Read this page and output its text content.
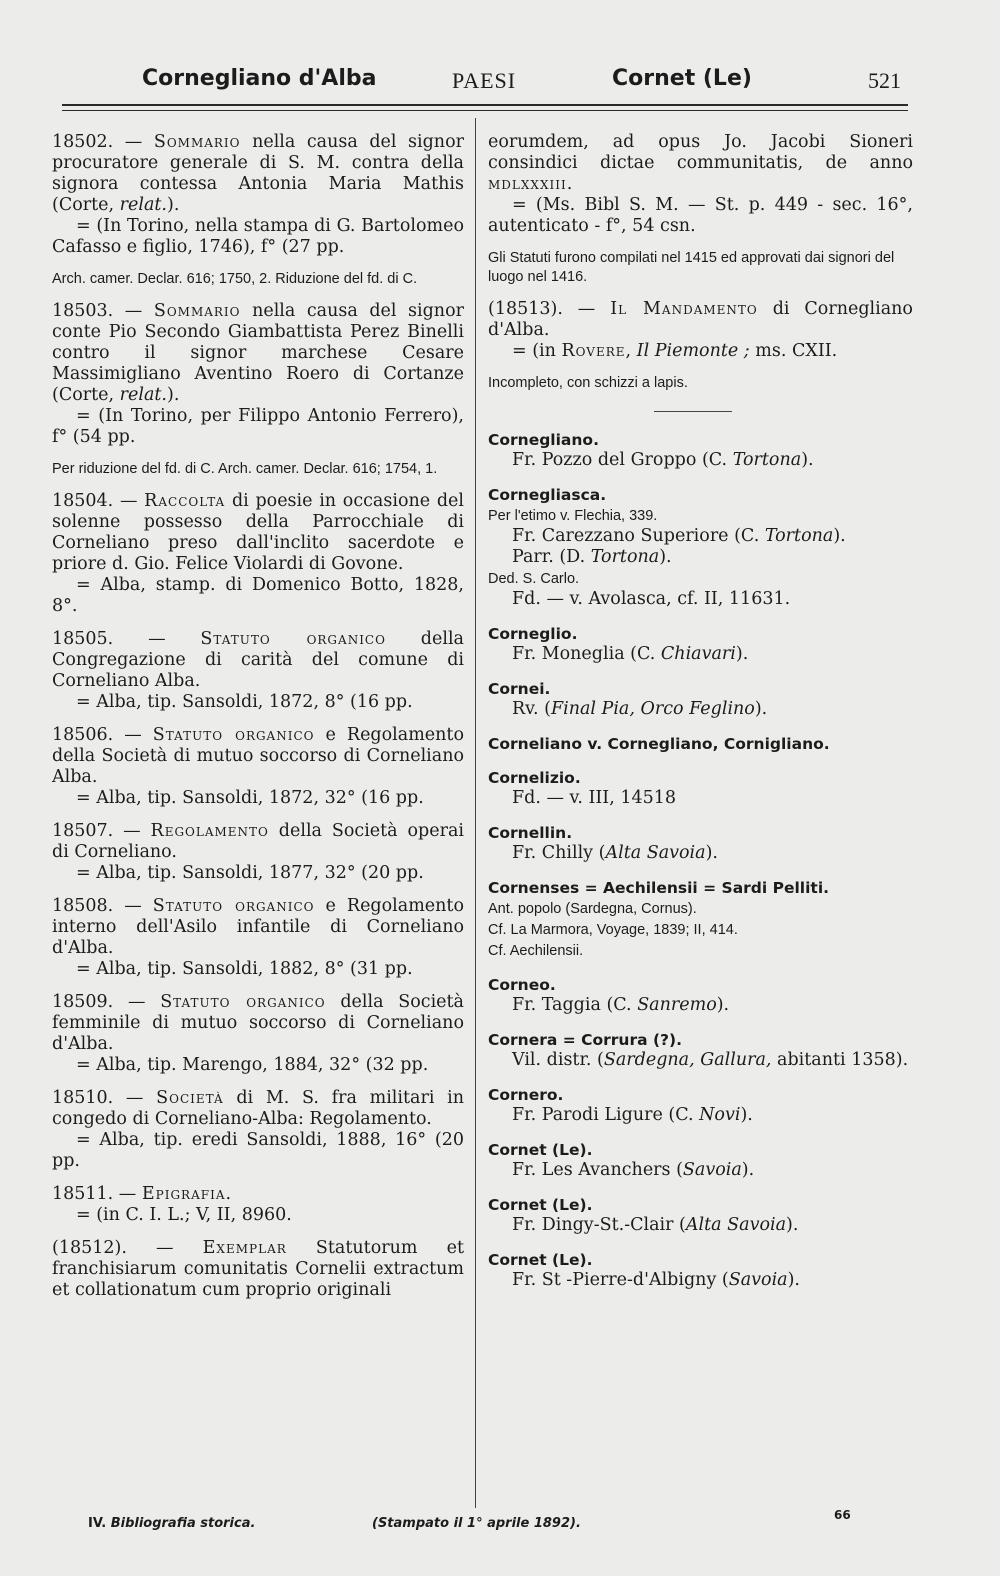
Cornegliano d'Alba	PAESI	Cornet (Le)	521

18502. — Sommario nella causa del signor procuratore generale di S. M. contra della signora contessa Antonia Maria Mathis (Corte, relat.).
= (In Torino, nella stampa di G. Bartolomeo Cafasso e figlio, 1746), f° (27 pp.

Arch. camer. Declar. 616; 1750, 2. Riduzione del fd. di C.

18503. — Sommario nella causa del signor conte Pio Secondo Giambattista Perez Binelli contro il signor marchese Cesare Massimigliano Aventino Roero di Cortanze (Corte, relat.).
= (In Torino, per Filippo Antonio Ferrero), f° (54 pp.

Per riduzione del fd. di C. Arch. camer. Declar. 616; 1754, 1.

18504. — Raccolta di poesie in occasione del solenne possesso della Parrocchiale di Corneliano preso dall'inclito sacerdote e priore d. Gio. Felice Violardi di Govone.
= Alba, stamp. di Domenico Botto, 1828, 8°.

18505. — Statuto organico della Congregazione di carità del comune di Corneliano Alba.
= Alba, tip. Sansoldi, 1872, 8° (16 pp.

18506. — Statuto organico e Regolamento della Società di mutuo soccorso di Corneliano Alba.
= Alba, tip. Sansoldi, 1872, 32° (16 pp.

18507. — Regolamento della Società operai di Corneliano.
= Alba, tip. Sansoldi, 1877, 32° (20 pp.

18508. — Statuto organico e Regolamento interno dell'Asilo infantile di Corneliano d'Alba.
= Alba, tip. Sansoldi, 1882, 8° (31 pp.

18509. — Statuto organico della Società femminile di mutuo soccorso di Corneliano d'Alba.
= Alba, tip. Marengo, 1884, 32° (32 pp.

18510. — Società di M. S. fra militari in congedo di Corneliano-Alba: Regolamento.
= Alba, tip. eredi Sansoldi, 1888, 16° (20 pp.

18511. — Epigrafia.
= (in C. I. L.; V, II, 8960.

(18512). — Exemplar Statutorum et franchisiarum comunitatis Cornelii extractum et collationatum cum proprio originali

eorumdem, ad opus Jo. Jacobi Sioneri consindici dictae communitatis, de anno mdlxxxiii.
= (Ms. Bibl S. M. — St. p. 449 - sec. 16°, autenticato - f°, 54 csn.

Gli Statuti furono compilati nel 1415 ed approvati dai signori del luogo nel 1416.

(18513). — Il Mandamento di Cornegliano d'Alba.
= (in Rovere, Il Piemonte ; ms. CXII.

Incompleto, con schizzi a lapis.

Cornegliano.

Fr. Pozzo del Groppo (C. Tortona).

Cornegliasca.

Per l'etimo v. Flechia, 339.

Fr. Carezzano Superiore (C. Tortona).

Parr. (D. Tortona).

Ded. S. Carlo.

Fd. — v. Avolasca, cf. II, 11631.

Corneglio.

Fr. Moneglia (C. Chiavari).

Cornei.

Rv. (Final Pia, Orco Feglino).

Corneliano v. Cornegliano, Cornigliano.

Cornelizio.

Fd. — v. III, 14518

Cornellin.

Fr. Chilly (Alta Savoia).

Cornenses = Aechilensii = Sardi Pelliti.

Ant. popolo (Sardegna, Cornus).

Cf. La Marmora, Voyage, 1839; II, 414.

Cf. Aechilensii.

Corneo.

Fr. Taggia (C. Sanremo).

Cornera = Corrura (?).

Vil. distr. (Sardegna, Gallura, abitanti 1358).

Cornero.

Fr. Parodi Ligure (C. Novi).

Cornet (Le).

Fr. Les Avanchers (Savoia).

Cornet (Le).

Fr. Dingy-St.-Clair (Alta Savoia).

Cornet (Le).

Fr. St -Pierre-d'Albigny (Savoia).

IV. Bibliografia storica.	(Stampato il 1° aprile 1892).
66
